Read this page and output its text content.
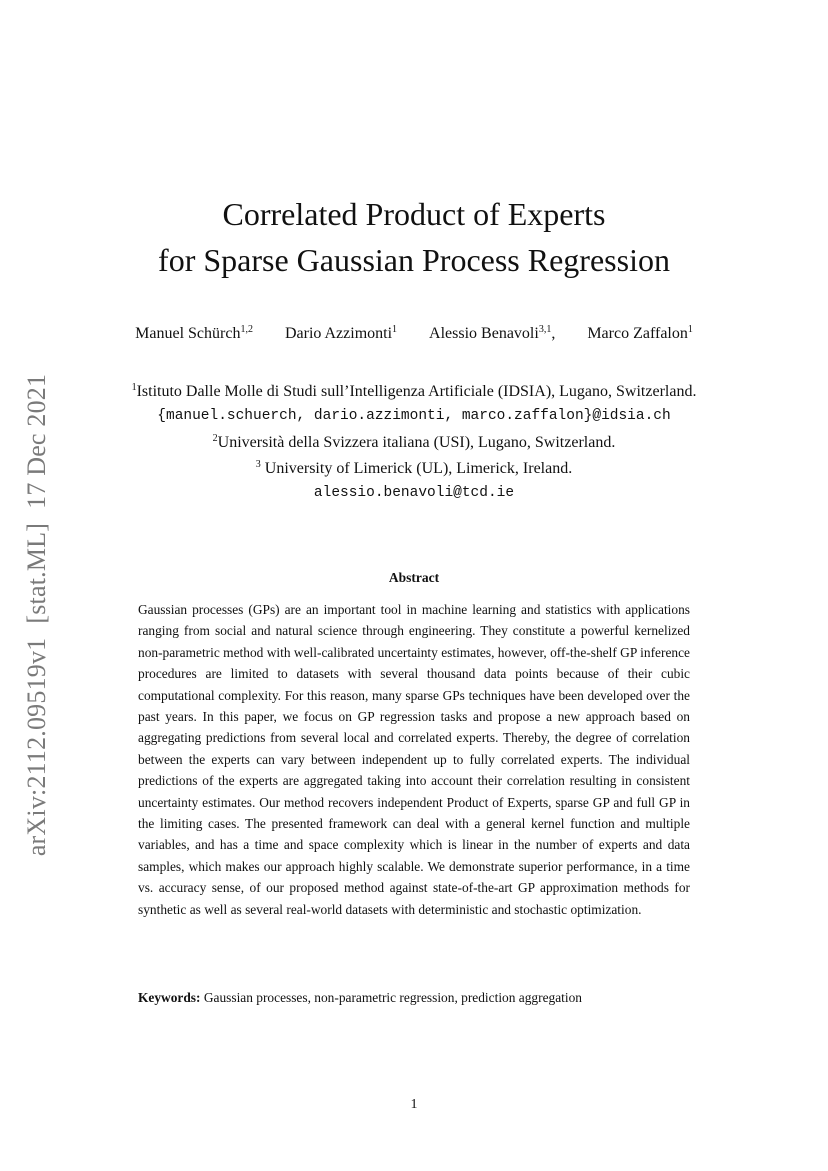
arXiv:2112.09519v1[stat.ML]17 Dec 2021
Correlated Product of Experts
for Sparse Gaussian Process Regression
Manuel Schürch$^{1,2}$ Dario Azzimonti$^1$ Alessio Benavoli$^{3,1}$, Marco Zaffalon$^1$
$^1$Istituto Dalle Molle di Studi sull’Intelligenza Artificiale (IDSIA), Lugano, Switzerland.
{manuel.schuerch, dario.azzimonti, marco.zaffalon}@idsia.ch
$^2$Università della Svizzera italiana (USI), Lugano, Switzerland.
$^3$ University of Limerick (UL), Limerick, Ireland.
alessio.benavoli@tcd.ie
Abstract
Gaussian processes (GPs) are an important tool in machine learning and statistics with applications ranging from social and natural science through engineering. They constitute a powerful kernelized non-parametric method with well-calibrated uncertainty estimates, however, off-the-shelf GP inference procedures are limited to datasets with several thousand data points because of their cubic computational complexity. For this reason, many sparse GPs techniques have been developed over the past years. In this paper, we focus on GP regression tasks and propose a new approach based on aggregating predictions from several local and correlated experts. Thereby, the degree of correlation between the experts can vary between independent up to fully correlated experts. The individual predictions of the experts are aggregated taking into account their correlation resulting in consistent uncertainty estimates. Our method recovers independent Product of Experts, sparse GP and full GP in the limiting cases. The presented framework can deal with a general kernel function and multiple variables, and has a time and space complexity which is linear in the number of experts and data samples, which makes our approach highly scalable. We demonstrate superior performance, in a time vs. accuracy sense, of our proposed method against state-of-the-art GP approximation methods for synthetic as well as several real-world datasets with deterministic and stochastic optimization.
Keywords: Gaussian processes, non-parametric regression, prediction aggregation
1
